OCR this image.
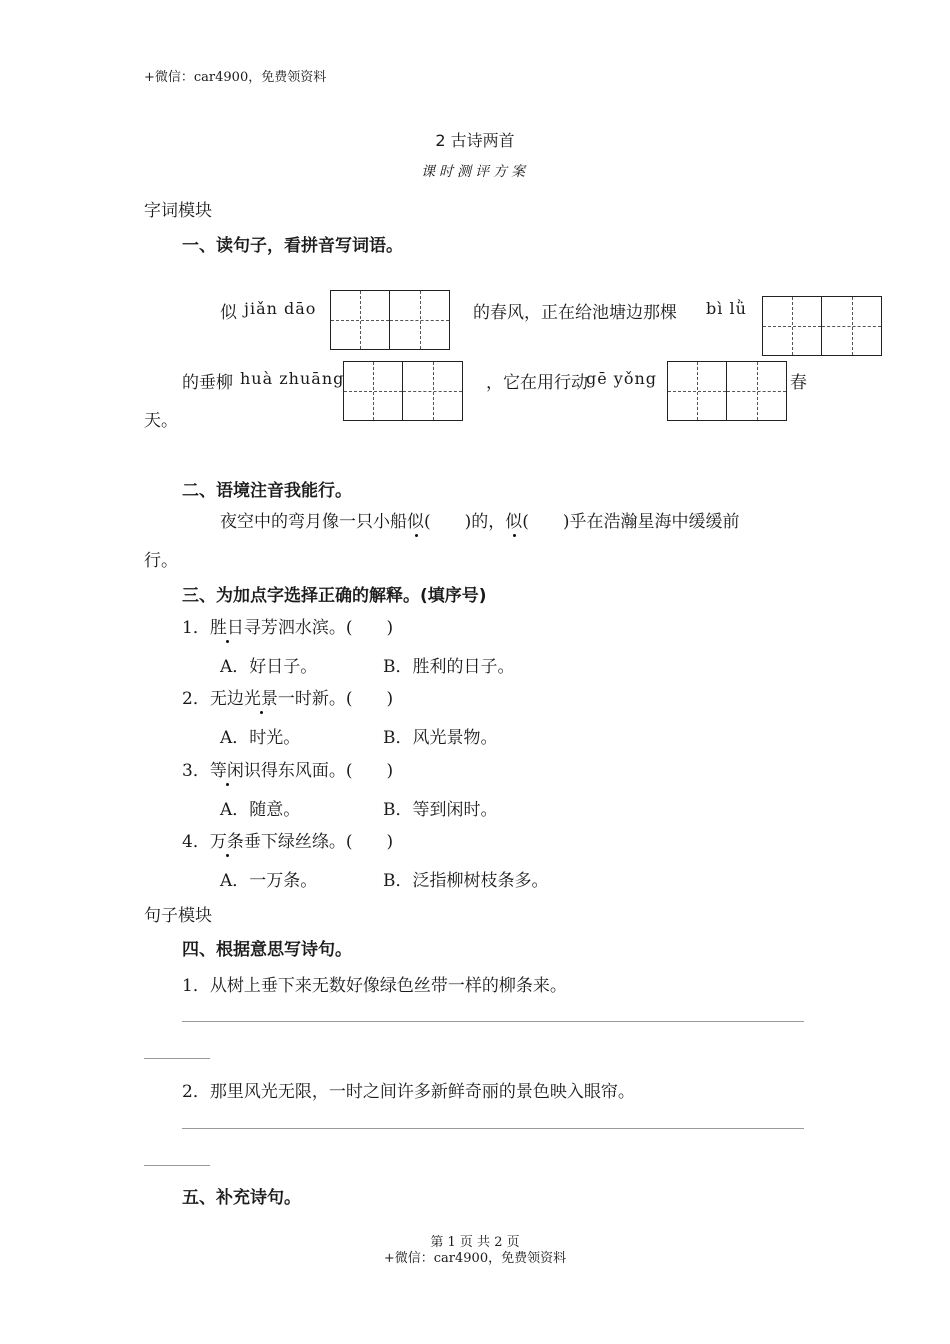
+微信：car4900，免费领资料
2 古诗两首
课时测评方案
字词模块
一、读句子，看拼音写词语。
似 jiǎn dāo	的春风，正在给池塘边那棵 bì lǜ
的垂柳 huà zhuāng	，它在用行动
gē yǒng	春
天。
二、语境注音我能行。
夜空中的弯月像一只小船似(　　)的，似(　　)乎在浩瀚星海中缓缓前
行。
三、为加点字选择正确的解释。(填序号)
1．胜日寻芳泗水滨。(　　)
A．好日子。	B．胜利的日子。
2．无边光景一时新。(　　)
A．时光。	B．风光景物。
3．等闲识得东风面。(　　)
A．随意。	B．等到闲时。
4．万条垂下绿丝绦。(　　)
A．一万条。	B．泛指柳树枝条多。
句子模块
四、根据意思写诗句。
1．从树上垂下来无数好像绿色丝带一样的柳条来。
2．那里风光无限，一时之间许多新鲜奇丽的景色映入眼帘。
五、补充诗句。
第 1 页 共 2 页
+微信：car4900，免费领资料
